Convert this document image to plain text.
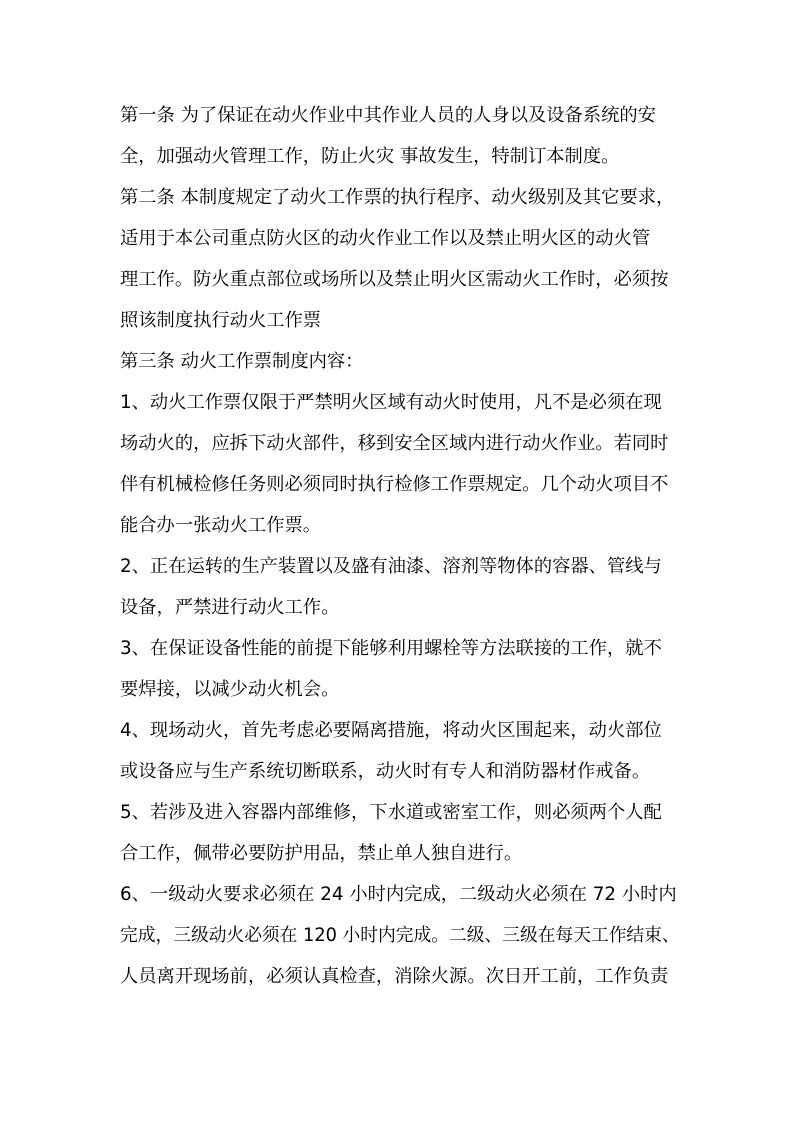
第一条 为了保证在动火作业中其作业人员的人身以及设备系统的安
全，加强动火管理工作，防止火灾 事故发生，特制订本制度。
第二条 本制度规定了动火工作票的执行程序、动火级别及其它要求，
适用于本公司重点防火区的动火作业工作以及禁止明火区的动火管
理工作。防火重点部位或场所以及禁止明火区需动火工作时，必须按
照该制度执行动火工作票
第三条 动火工作票制度内容：
1、动火工作票仅限于严禁明火区域有动火时使用，凡不是必须在现
场动火的，应拆下动火部件，移到安全区域内进行动火作业。若同时
伴有机械检修任务则必须同时执行检修工作票规定。几个动火项目不
能合办一张动火工作票。
2、正在运转的生产装置以及盛有油漆、溶剂等物体的容器、管线与
设备，严禁进行动火工作。
3、在保证设备性能的前提下能够利用螺栓等方法联接的工作，就不
要焊接，以减少动火机会。
4、现场动火，首先考虑必要隔离措施，将动火区围起来，动火部位
或设备应与生产系统切断联系，动火时有专人和消防器材作戒备。
5、若涉及进入容器内部维修，下水道或密室工作，则必须两个人配
合工作，佩带必要防护用品，禁止单人独自进行。
6、一级动火要求必须在 24 小时内完成，二级动火必须在 72 小时内
完成，三级动火必须在 120 小时内完成。二级、三级在每天工作结束、
人员离开现场前，必须认真检查，消除火源。次日开工前，工作负责
